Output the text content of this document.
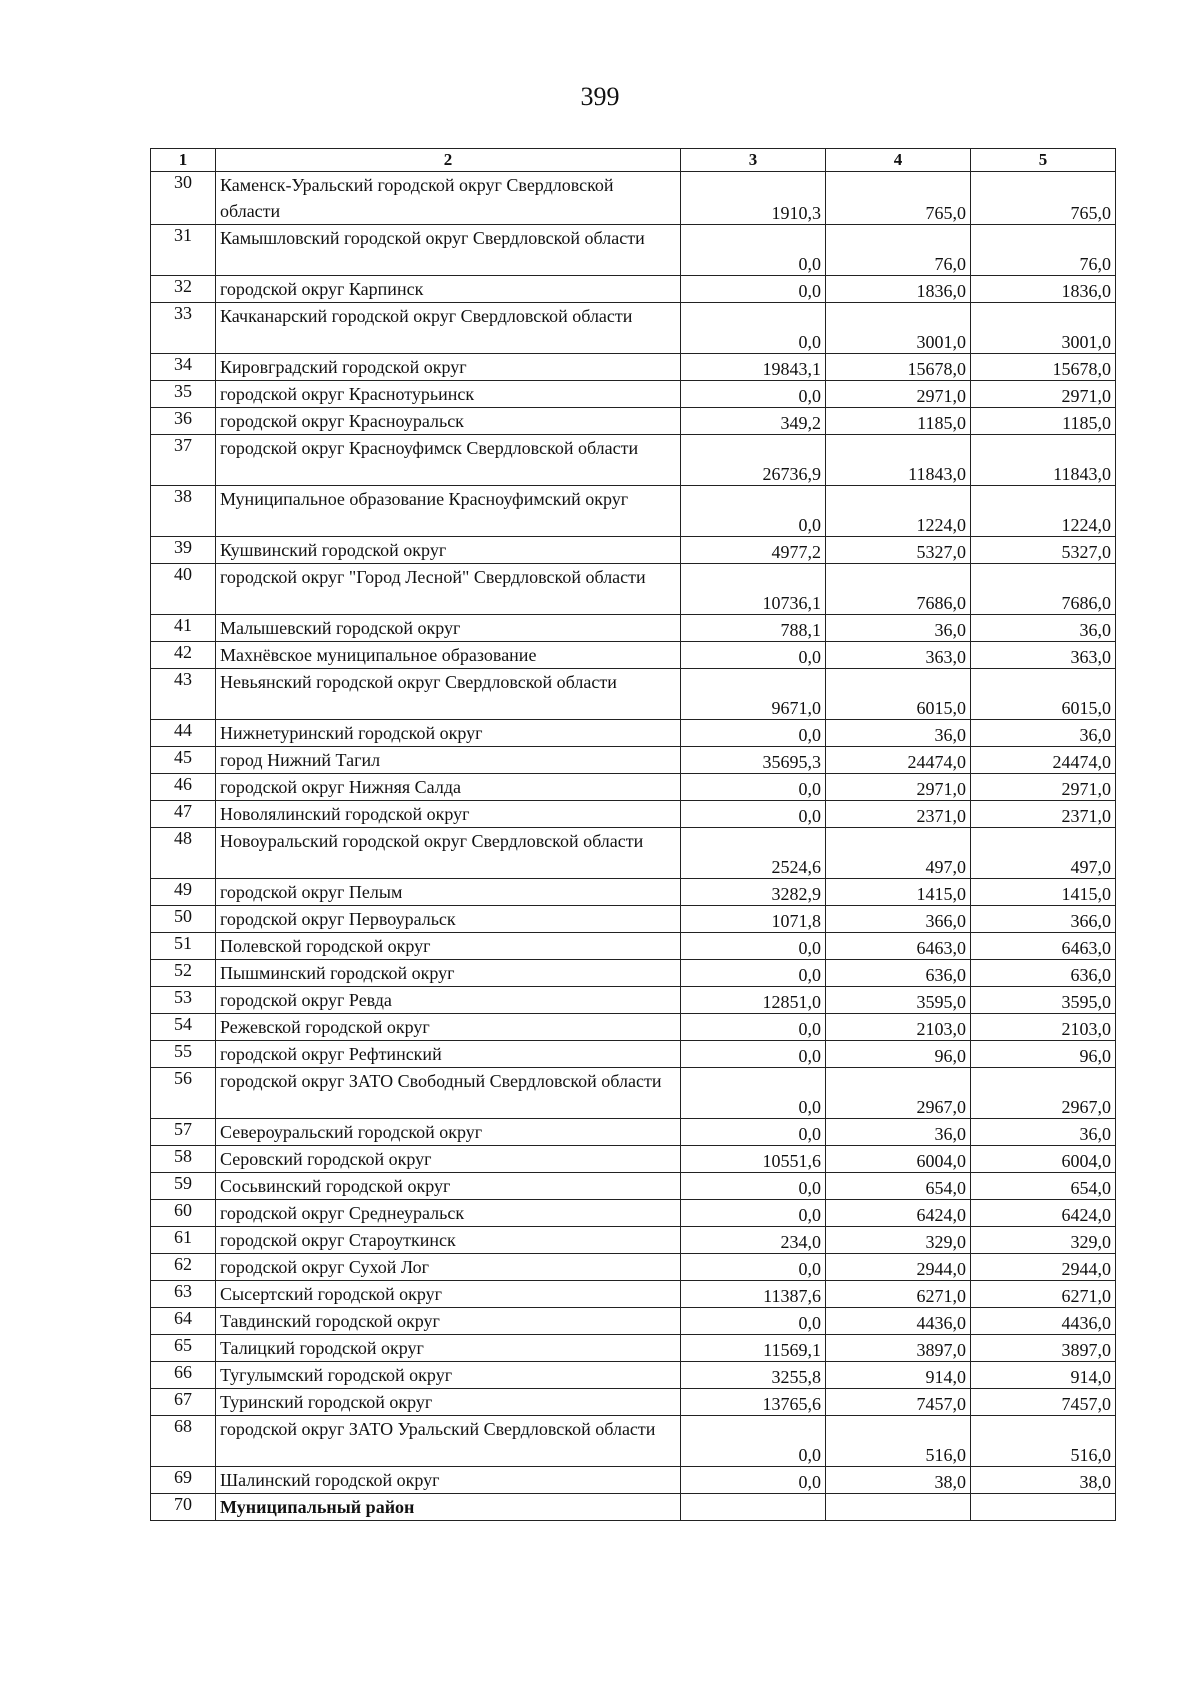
399
1	2	3	4	5
30	Каменск-Уральский городской округ Свердловской области	1910,3	765,0	765,0
31	Камышловский городской округ Свердловской области	0,0	76,0	76,0
32	городской округ Карпинск	0,0	1836,0	1836,0
33	Качканарский городской округ Свердловской области	0,0	3001,0	3001,0
34	Кировградский городской округ	19843,1	15678,0	15678,0
35	городской округ Краснотурьинск	0,0	2971,0	2971,0
36	городской округ Красноуральск	349,2	1185,0	1185,0
37	городской округ Красноуфимск Свердловской области	26736,9	11843,0	11843,0
38	Муниципальное образование Красноуфимский округ	0,0	1224,0	1224,0
39	Кушвинский городской округ	4977,2	5327,0	5327,0
40	городской округ "Город Лесной" Свердловской области	10736,1	7686,0	7686,0
41	Малышевский городской округ	788,1	36,0	36,0
42	Махнёвское муниципальное образование	0,0	363,0	363,0
43	Невьянский городской округ Свердловской области	9671,0	6015,0	6015,0
44	Нижнетуринский городской округ	0,0	36,0	36,0
45	город Нижний Тагил	35695,3	24474,0	24474,0
46	городской округ Нижняя Салда	0,0	2971,0	2971,0
47	Новолялинский городской округ	0,0	2371,0	2371,0
48	Новоуральский городской округ Свердловской области	2524,6	497,0	497,0
49	городской округ Пелым	3282,9	1415,0	1415,0
50	городской округ Первоуральск	1071,8	366,0	366,0
51	Полевской городской округ	0,0	6463,0	6463,0
52	Пышминский городской округ	0,0	636,0	636,0
53	городской округ Ревда	12851,0	3595,0	3595,0
54	Режевской городской округ	0,0	2103,0	2103,0
55	городской округ Рефтинский	0,0	96,0	96,0
56	городской округ ЗАТО Свободный Свердловской области	0,0	2967,0	2967,0
57	Североуральский городской округ	0,0	36,0	36,0
58	Серовский городской округ	10551,6	6004,0	6004,0
59	Сосьвинский городской округ	0,0	654,0	654,0
60	городской округ Среднеуральск	0,0	6424,0	6424,0
61	городской округ Староуткинск	234,0	329,0	329,0
62	городской округ Сухой Лог	0,0	2944,0	2944,0
63	Сысертский городской округ	11387,6	6271,0	6271,0
64	Тавдинский городской округ	0,0	4436,0	4436,0
65	Талицкий городской округ	11569,1	3897,0	3897,0
66	Тугулымский городской округ	3255,8	914,0	914,0
67	Туринский городской округ	13765,6	7457,0	7457,0
68	городской округ ЗАТО Уральский Свердловской области	0,0	516,0	516,0
69	Шалинский городской округ	0,0	38,0	38,0
70	Муниципальный район			
